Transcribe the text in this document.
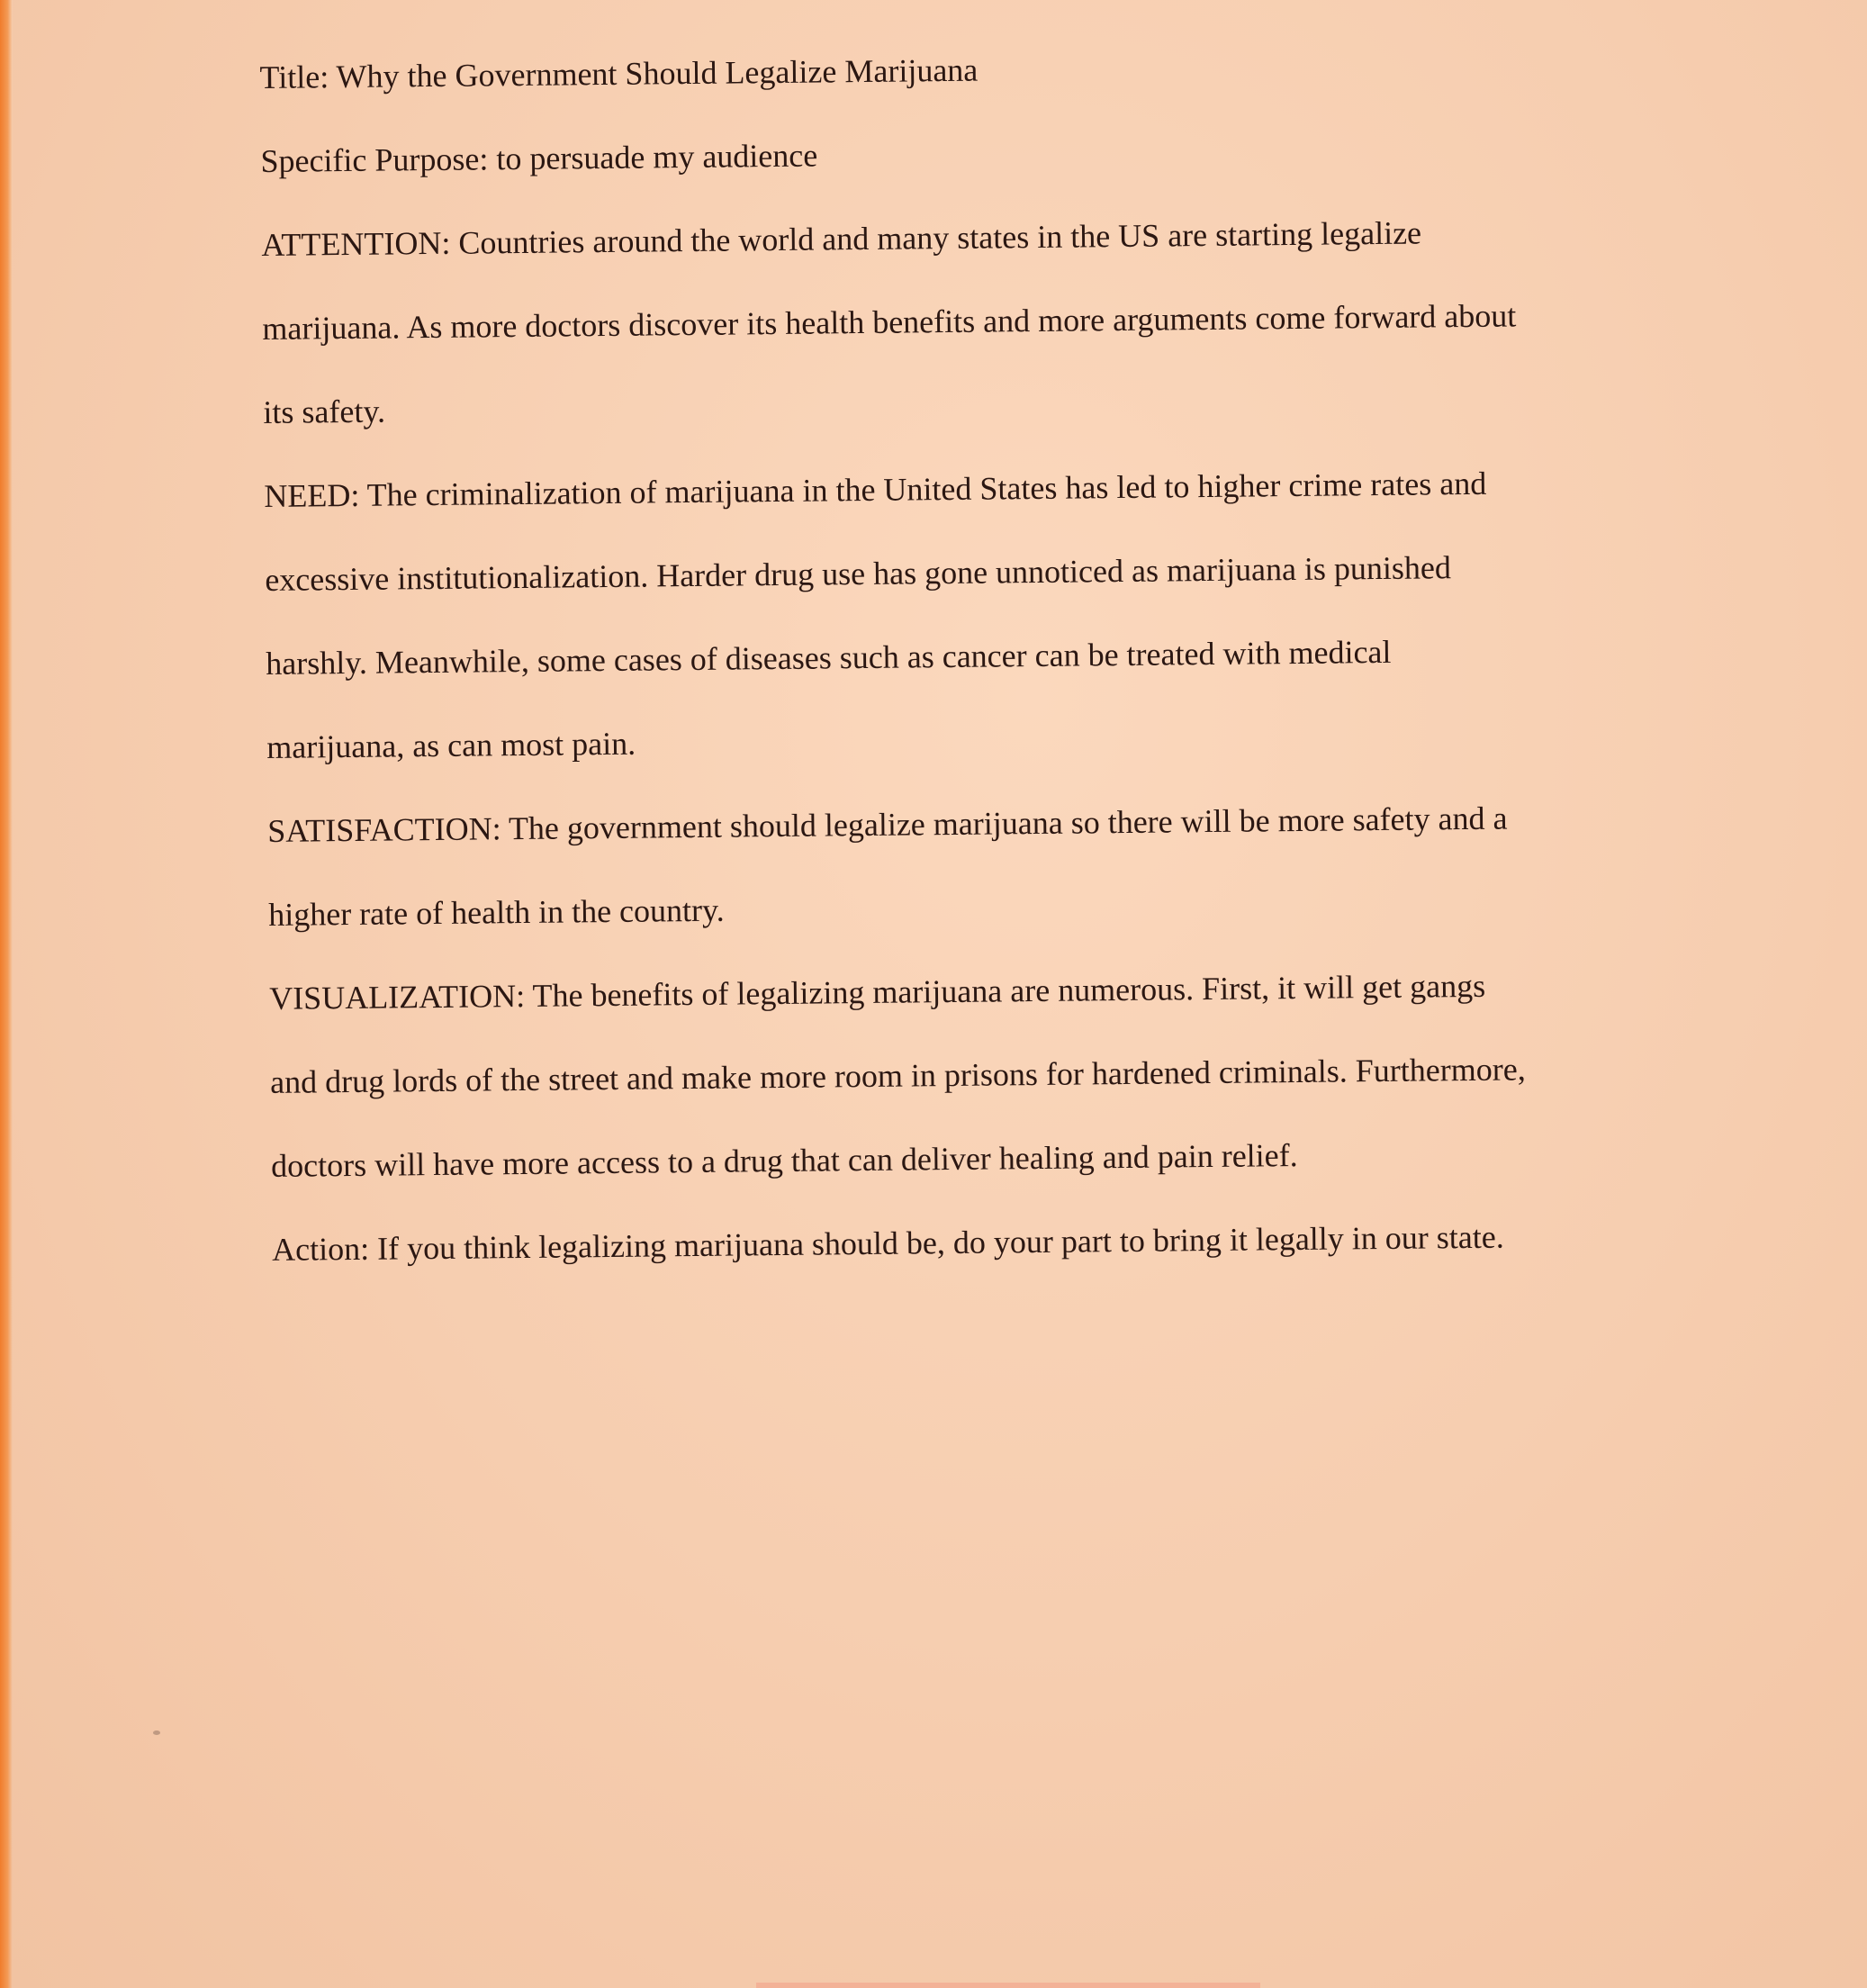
Title: Why the Government Should Legalize Marijuana
Specific Purpose: to persuade my audience
ATTENTION: Countries around the world and many states in the US are starting legalize
marijuana. As more doctors discover its health benefits and more arguments come forward about
its safety.
NEED: The criminalization of marijuana in the United States has led to higher crime rates and
excessive institutionalization. Harder drug use has gone unnoticed as marijuana is punished
harshly. Meanwhile, some cases of diseases such as cancer can be treated with medical
marijuana, as can most pain.
SATISFACTION: The government should legalize marijuana so there will be more safety and a
higher rate of health in the country.
VISUALIZATION: The benefits of legalizing marijuana are numerous. First, it will get gangs
and drug lords of the street and make more room in prisons for hardened criminals. Furthermore,
doctors will have more access to a drug that can deliver healing and pain relief.
Action: If you think legalizing marijuana should be, do your part to bring it legally in our state.
